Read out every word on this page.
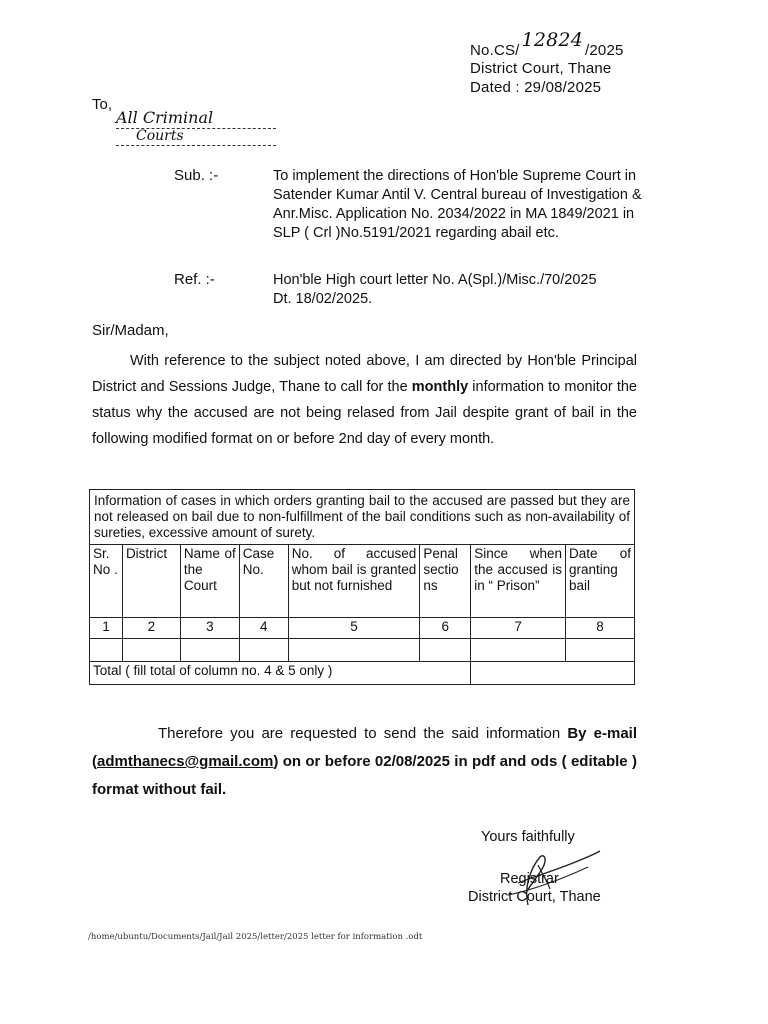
No.CS/ 12824 /2025
District Court, Thane
Dated : 29/08/2025
To,
All Criminal
Courts
Sub. :-	To implement the directions of Hon'ble Supreme Court in Satender Kumar Antil V. Central bureau of Investigation & Anr.Misc. Application No. 2034/2022 in MA 1849/2021 in SLP ( Crl )No.5191/2021 regarding abail etc.
Ref. :-	Hon'ble High court letter No. A(Spl.)/Misc./70/2025
Dt. 18/02/2025.
Sir/Madam,
With reference to the subject noted above, I am directed by Hon'ble Principal District and Sessions Judge, Thane to call for the monthly information to monitor the status why the accused are not being relased from Jail despite grant of bail in the following modified format on or before 2nd day of every month.
Information of cases in which orders granting bail to the accused are passed but they are not released on bail due to non-fulfillment of the bail conditions such as non-availability of sureties, excessive amount of surety.							
Sr. No .	District	Name of the Court	Case No.	No. of accused whom bail is granted but not furnished	Penal sectio ns	Since when the accused is in “ Prison”	Date of granting bail
1	2	3	4	5	6	7	8

Total ( fill total of column no. 4 & 5 only )							
Therefore you are requested to send the said information By e-mail (admthanecs@gmail.com) on or before 02/08/2025 in pdf and ods ( editable ) format without fail.
Yours faithfully
Registrar
District Court, Thane
/home/ubuntu/Documents/Jail/Jail 2025/letter/2025 letter for information .odt
